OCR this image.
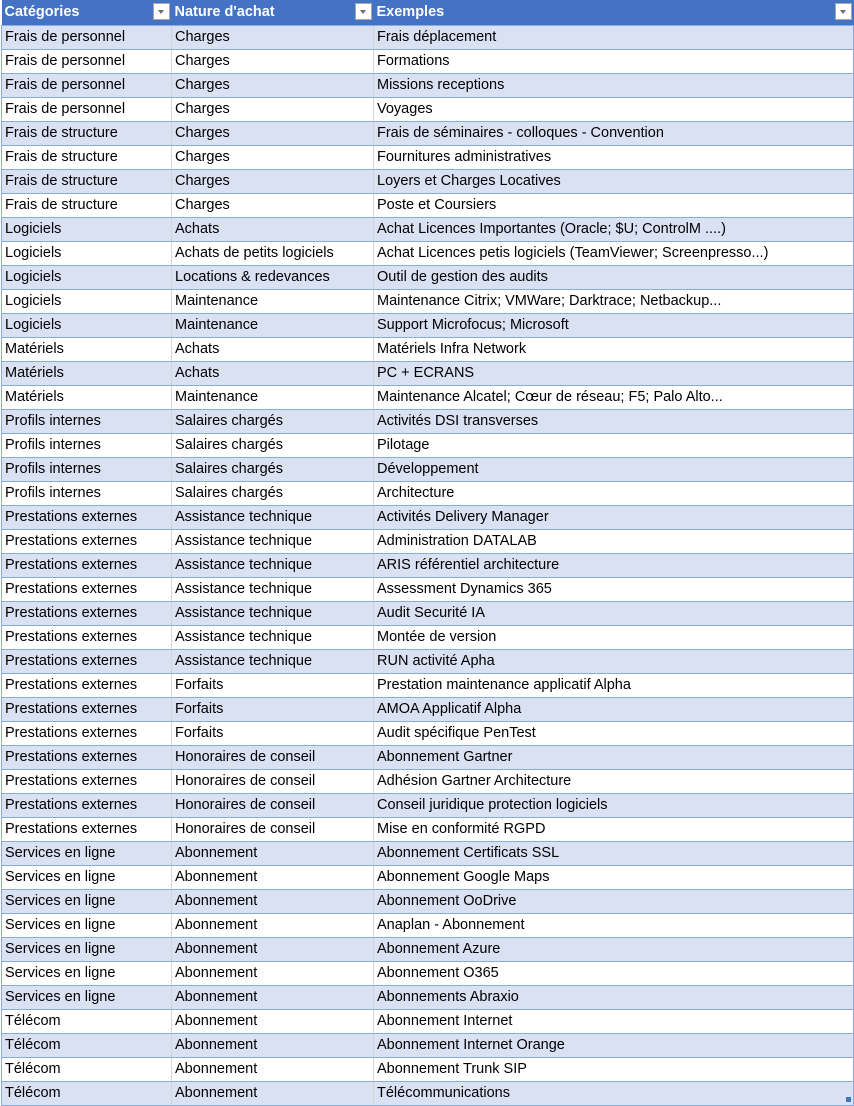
Catégories	Nature d'achat	Exemples

Frais de personnel	Charges	Frais déplacement
Frais de personnel	Charges	Formations
Frais de personnel	Charges	Missions receptions
Frais de personnel	Charges	Voyages
Frais de structure	Charges	Frais de séminaires - colloques - Convention
Frais de structure	Charges	Fournitures administratives
Frais de structure	Charges	Loyers et Charges Locatives
Frais de structure	Charges	Poste et Coursiers
Logiciels	Achats	Achat Licences Importantes (Oracle; $U; ControlM ....)
Logiciels	Achats de petits logiciels	Achat Licences petis logiciels (TeamViewer; Screenpresso...)
Logiciels	Locations & redevances	Outil de gestion des audits
Logiciels	Maintenance	Maintenance Citrix; VMWare; Darktrace; Netbackup...
Logiciels	Maintenance	Support Microfocus; Microsoft
Matériels	Achats	Matériels Infra Network
Matériels	Achats	PC + ECRANS
Matériels	Maintenance	Maintenance Alcatel; Cœur de réseau; F5; Palo Alto...
Profils internes	Salaires chargés	Activités DSI transverses
Profils internes	Salaires chargés	Pilotage
Profils internes	Salaires chargés	Développement
Profils internes	Salaires chargés	Architecture
Prestations externes	Assistance technique	Activités Delivery Manager
Prestations externes	Assistance technique	Administration DATALAB
Prestations externes	Assistance technique	ARIS référentiel architecture
Prestations externes	Assistance technique	Assessment Dynamics 365
Prestations externes	Assistance technique	Audit Securité IA
Prestations externes	Assistance technique	Montée de version
Prestations externes	Assistance technique	RUN activité Apha
Prestations externes	Forfaits	Prestation maintenance applicatif Alpha
Prestations externes	Forfaits	AMOA Applicatif Alpha
Prestations externes	Forfaits	Audit spécifique PenTest
Prestations externes	Honoraires de conseil	Abonnement Gartner
Prestations externes	Honoraires de conseil	Adhésion Gartner Architecture
Prestations externes	Honoraires de conseil	Conseil juridique protection logiciels
Prestations externes	Honoraires de conseil	Mise en conformité RGPD
Services en ligne	Abonnement	Abonnement Certificats SSL
Services en ligne	Abonnement	Abonnement Google Maps
Services en ligne	Abonnement	Abonnement OoDrive
Services en ligne	Abonnement	Anaplan - Abonnement
Services en ligne	Abonnement	Abonnement Azure
Services en ligne	Abonnement	Abonnement O365
Services en ligne	Abonnement	Abonnements Abraxio
Télécom	Abonnement	Abonnement Internet
Télécom	Abonnement	Abonnement Internet Orange
Télécom	Abonnement	Abonnement Trunk SIP
Télécom	Abonnement	Télécommunications
